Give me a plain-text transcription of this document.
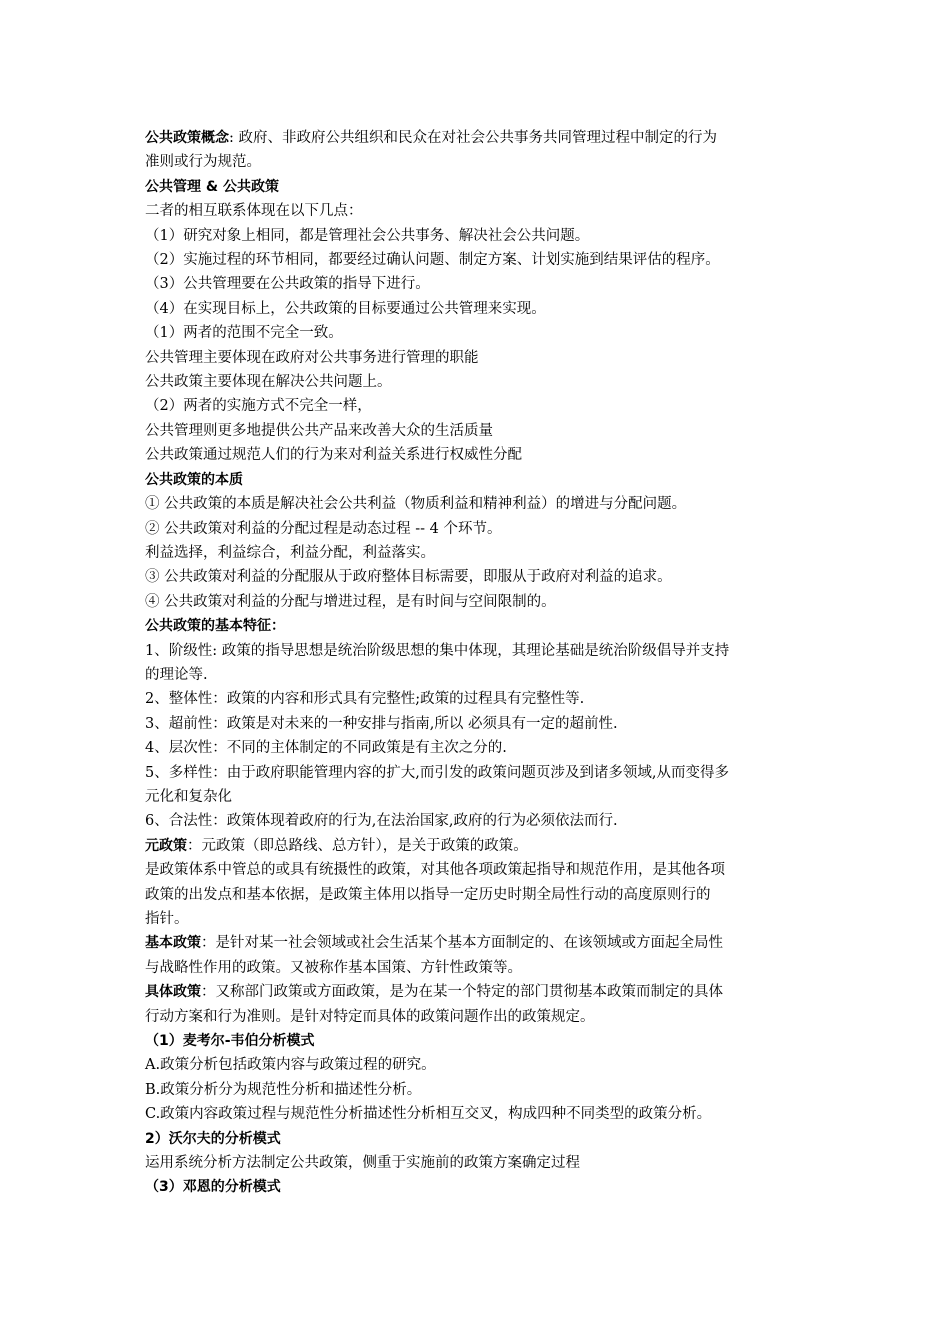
公共政策概念: 政府、非政府公共组织和民众在对社会公共事务共同管理过程中制定的行为

准则或行为规范。

公共管理 & 公共政策

二者的相互联系体现在以下几点：

（1）研究对象上相同，都是管理社会公共事务、解决社会公共问题。

（2）实施过程的环节相同，都要经过确认问题、制定方案、计划实施到结果评估的程序。

（3）公共管理要在公共政策的指导下进行。

（4）在实现目标上，公共政策的目标要通过公共管理来实现。

（1）两者的范围不完全一致。

公共管理主要体现在政府对公共事务进行管理的职能

公共政策主要体现在解决公共问题上。

（2）两者的实施方式不完全一样，

公共管理则更多地提供公共产品来改善大众的生活质量

公共政策通过规范人们的行为来对利益关系进行权威性分配

公共政策的本质

① 公共政策的本质是解决社会公共利益（物质利益和精神利益）的增进与分配问题。

② 公共政策对利益的分配过程是动态过程 -- 4 个环节。

利益选择，利益综合，利益分配，利益落实。

③ 公共政策对利益的分配服从于政府整体目标需要，即服从于政府对利益的追求。

④ 公共政策对利益的分配与增进过程，是有时间与空间限制的。

公共政策的基本特征：

1、阶级性: 政策的指导思想是统治阶级思想的集中体现，其理论基础是统治阶级倡导并支持

的理论等.

2、整体性：政策的内容和形式具有完整性;政策的过程具有完整性等.

3、超前性：政策是对未来的一种安排与指南,所以 必须具有一定的超前性.

4、层次性：不同的主体制定的不同政策是有主次之分的.

5、多样性：由于政府职能管理内容的扩大,而引发的政策问题页涉及到诸多领域,从而变得多

元化和复杂化

6、合法性：政策体现着政府的行为,在法治国家,政府的行为必须依法而行.

元政策：元政策（即总路线、总方针），是关于政策的政策。

是政策体系中管总的或具有统摄性的政策，对其他各项政策起指导和规范作用，是其他各项

政策的出发点和基本依据，是政策主体用以指导一定历史时期全局性行动的高度原则行的

指针。

基本政策：是针对某一社会领域或社会生活某个基本方面制定的、在该领域或方面起全局性

与战略性作用的政策。又被称作基本国策、方针性政策等。

具体政策：又称部门政策或方面政策，是为在某一个特定的部门贯彻基本政策而制定的具体

行动方案和行为准则。是针对特定而具体的政策问题作出的政策规定。

（1）麦考尔-韦伯分析模式

A.政策分析包括政策内容与政策过程的研究。

B.政策分析分为规范性分析和描述性分析。

C.政策内容政策过程与规范性分析描述性分析相互交叉，构成四种不同类型的政策分析。

2）沃尔夫的分析模式

运用系统分析方法制定公共政策，侧重于实施前的政策方案确定过程

（3）邓恩的分析模式
